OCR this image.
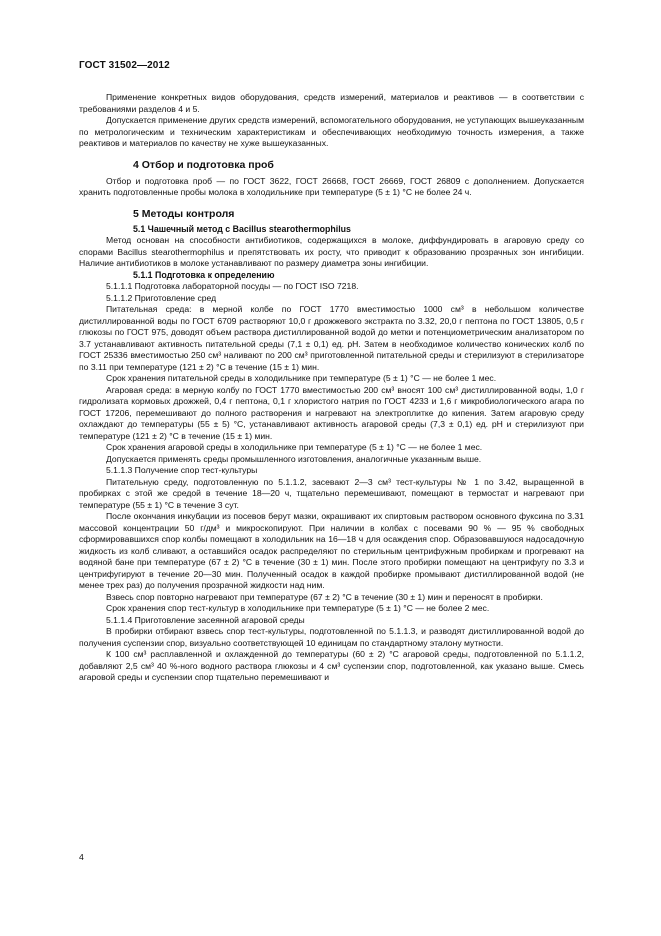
ГОСТ 31502—2012

Применение конкретных видов оборудования, средств измерений, материалов и реактивов — в соответствии с требованиями разделов 4 и 5.

Допускается применение других средств измерений, вспомогательного оборудования, не уступающих вышеуказанным по метрологическим и техническим характеристикам и обеспечивающих необходимую точность измерения, а также реактивов и материалов по качеству не хуже вышеуказанных.

4 Отбор и подготовка проб

Отбор и подготовка проб — по ГОСТ 3622, ГОСТ 26668, ГОСТ 26669, ГОСТ 26809 с дополнением. Допускается хранить подготовленные пробы молока в холодильнике при температуре (5 ± 1) °С не более 24 ч.

5 Методы контроля

5.1 Чашечный метод с Bacillus stearothermophilus

Метод основан на способности антибиотиков, содержащихся в молоке, диффундировать в агаровую среду со спорами Bacillus stearothermophilus и препятствовать их росту, что приводит к образованию прозрачных зон ингибиции. Наличие антибиотиков в молоке устанавливают по размеру диаметра зоны ингибиции.

5.1.1 Подготовка к определению

5.1.1.1 Подготовка лабораторной посуды — по ГОСТ ISO 7218.

5.1.1.2 Приготовление сред

Питательная среда: в мерной колбе по ГОСТ 1770 вместимостью 1000 см³ в небольшом количестве дистиллированной воды по ГОСТ 6709 растворяют 10,0 г дрожжевого экстракта по 3.32, 20,0 г пептона по ГОСТ 13805, 0,5 г глюкозы по ГОСТ 975, доводят объем раствора дистиллированной водой до метки и потенциометрическим анализатором по 3.7 устанавливают активность питательной среды (7,1 ± 0,1) ед. pH. Затем в необходимое количество конических колб по ГОСТ 25336 вместимостью 250 см³ наливают по 200 см³ приготовленной питательной среды и стерилизуют в стерилизаторе по 3.11 при температуре (121 ± 2) °С в течение (15 ± 1) мин.

Срок хранения питательной среды в холодильнике при температуре (5 ± 1) °С — не более 1 мес.

Агаровая среда: в мерную колбу по ГОСТ 1770 вместимостью 200 см³ вносят 100 см³ дистиллированной воды, 1,0 г гидролизата кормовых дрожжей, 0,4 г пептона, 0,1 г хлористого натрия по ГОСТ 4233 и 1,6 г микробиологического агара по ГОСТ 17206, перемешивают до полного растворения и нагревают на электроплитке до кипения. Затем агаровую среду охлаждают до температуры (55 ± 5) °С, устанавливают активность агаровой среды (7,3 ± 0,1) ед. pH и стерилизуют при температуре (121 ± 2) °С в течение (15 ± 1) мин.

Срок хранения агаровой среды в холодильнике при температуре (5 ± 1) °С — не более 1 мес.

Допускается применять среды промышленного изготовления, аналогичные указанным выше.

5.1.1.3 Получение спор тест-культуры

Питательную среду, подготовленную по 5.1.1.2, засевают 2—3 см³ тест-культуры № 1 по 3.42, выращенной в пробирках с этой же средой в течение 18—20 ч, тщательно перемешивают, помещают в термостат и нагревают при температуре (55 ± 1) °С в течение 3 сут.

После окончания инкубации из посевов берут мазки, окрашивают их спиртовым раствором основного фуксина по 3.31 массовой концентрации 50 г/дм³ и микроскопируют. При наличии в колбах с посевами 90 % — 95 % свободных сформировавшихся спор колбы помещают в холодильник на 16—18 ч для осаждения спор. Образовавшуюся надосадочную жидкость из колб сливают, а оставшийся осадок распределяют по стерильным центрифужным пробиркам и прогревают на водяной бане при температуре (67 ± 2) °С в течение (30 ± 1) мин. После этого пробирки помещают на центрифугу по 3.3 и центрифугируют в течение 20—30 мин. Полученный осадок в каждой пробирке промывают дистиллированной водой (не менее трех раз) до получения прозрачной жидкости над ним.

Взвесь спор повторно нагревают при температуре (67 ± 2) °С в течение (30 ± 1) мин и переносят в пробирки.

Срок хранения спор тест-культур в холодильнике при температуре (5 ± 1) °С — не более 2 мес.

5.1.1.4 Приготовление засеянной агаровой среды

В пробирки отбирают взвесь спор тест-культуры, подготовленной по 5.1.1.3, и разводят дистиллированной водой до получения суспензии спор, визуально соответствующей 10 единицам по стандартному эталону мутности.

К 100 см³ расплавленной и охлажденной до температуры (60 ± 2) °С агаровой среды, подготовленной по 5.1.1.2, добавляют 2,5 см³ 40 %-ного водного раствора глюкозы и 4 см³ суспензии спор, подготовленной, как указано выше. Смесь агаровой среды и суспензии спор тщательно перемешивают и

4
